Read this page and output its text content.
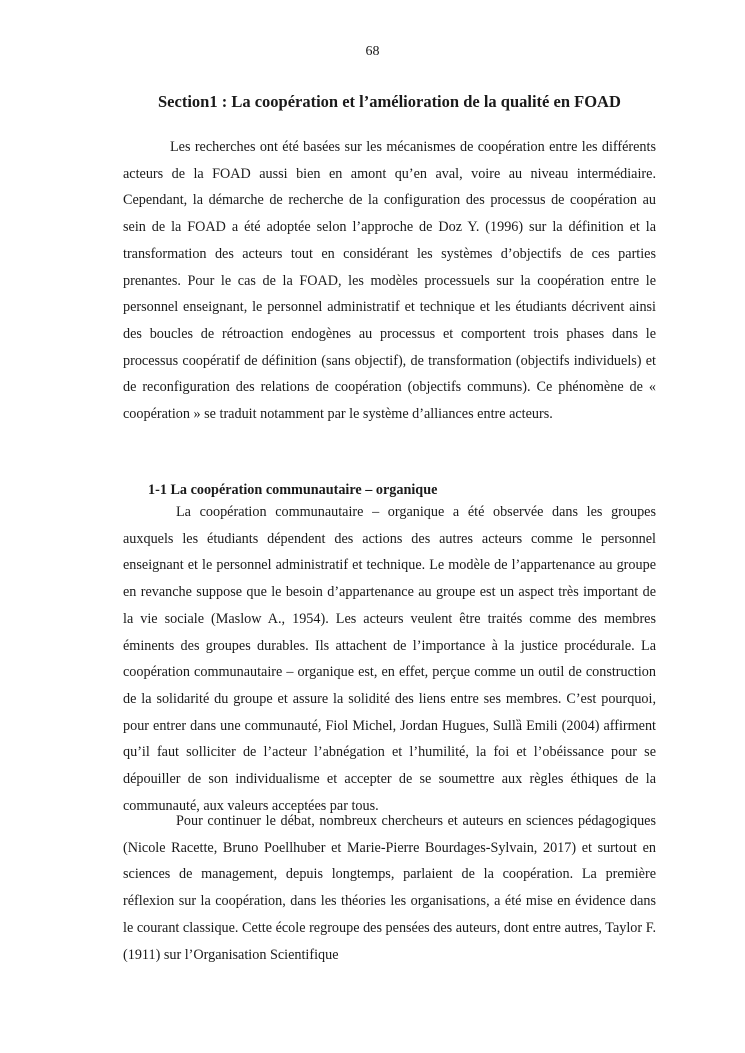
68
Section1 : La coopération et l’amélioration de la qualité en FOAD

Les recherches ont été basées sur les mécanismes de coopération entre les différents acteurs de la FOAD aussi bien en amont qu’en aval, voire au niveau intermédiaire. Cependant, la démarche de recherche de la configuration des processus de coopération au sein de la FOAD a été adoptée selon l’approche de Doz Y. (1996) sur la définition et la transformation des acteurs tout en considérant les systèmes d’objectifs de ces parties prenantes. Pour le cas de la FOAD, les modèles processuels sur la coopération entre le personnel enseignant, le personnel administratif et technique et les étudiants décrivent ainsi des boucles de rétroaction endogènes au processus et comportent trois phases dans le processus coopératif de définition (sans objectif), de transformation (objectifs individuels) et de reconfiguration des relations de coopération (objectifs communs). Ce phénomène de « coopération » se traduit notamment par le système d’alliances entre acteurs.

1-1 La coopération communautaire – organique

La coopération communautaire – organique a été observée dans les groupes auxquels les étudiants dépendent des actions des autres acteurs comme le personnel enseignant et le personnel administratif et technique. Le modèle de l’appartenance au groupe en revanche suppose que le besoin d’appartenance au groupe est un aspect très important de la vie sociale (Maslow A., 1954). Les acteurs veulent être traités comme des membres éminents des groupes durables. Ils attachent de l’importance à la justice procédurale. La coopération communautaire – organique est, en effet, perçue comme un outil de construction de la solidarité du groupe et assure la solidité des liens entre ses membres. C’est pourquoi, pour entrer dans une communauté, Fiol Michel, Jordan Hugues, Sullȁ Emili (2004) affirment qu’il faut solliciter de l’acteur l’abnégation et l’humilité, la foi et l’obéissance pour se dépouiller de son individualisme et accepter de se soumettre aux règles éthiques de la communauté, aux valeurs acceptées par tous.

Pour continuer le débat, nombreux chercheurs et auteurs en sciences pédagogiques (Nicole Racette, Bruno Poellhuber et Marie-Pierre Bourdages-Sylvain, 2017) et surtout en sciences de management, depuis longtemps, parlaient de la coopération. La première réflexion sur la coopération, dans les théories les organisations, a été mise en évidence dans le courant classique. Cette école regroupe des pensées des auteurs, dont entre autres, Taylor F. (1911) sur l’Organisation Scientifique
